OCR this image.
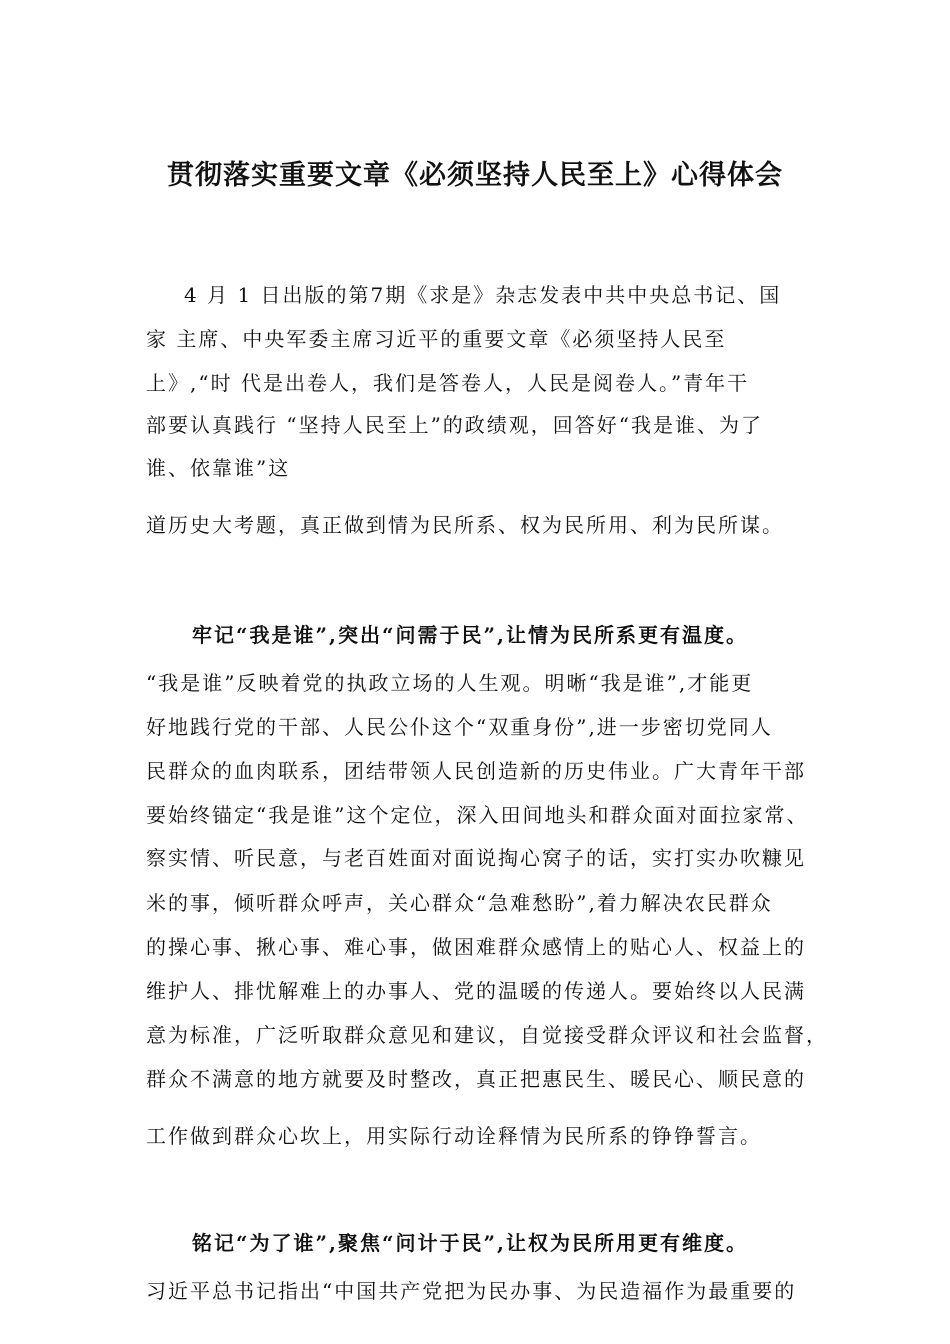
贯彻落实重要文章《必须坚持人民至上》心得体会
4 月 1 日出版的第7期《求是》杂志发表中共中央总书记、国
家 主席、中央军委主席习近平的重要文章《必须坚持人民至
上》,“时 代是出卷人，我们是答卷人，人民是阅卷人。”青年干
部要认真践行 “坚持人民至上”的政绩观，回答好“我是谁、为了
谁、依靠谁”这
道历史大考题，真正做到情为民所系、权为民所用、利为民所谋。
牢记“我是谁”,突出“问需于民”,让情为民所系更有温度。
“我是谁”反映着党的执政立场的人生观。明晰“我是谁”,才能更
好地践行党的干部、人民公仆这个“双重身份”,进一步密切党同人
民群众的血肉联系，团结带领人民创造新的历史伟业。广大青年干部
要始终锚定“我是谁”这个定位，深入田间地头和群众面对面拉家常、
察实情、听民意，与老百姓面对面说掏心窝子的话，实打实办吹糠见
米的事，倾听群众呼声，关心群众“急难愁盼”,着力解决农民群众
的操心事、揪心事、难心事，做困难群众感情上的贴心人、权益上的
维护人、排忧解难上的办事人、党的温暖的传递人。要始终以人民满
意为标准，广泛听取群众意见和建议，自觉接受群众评议和社会监督，
群众不满意的地方就要及时整改，真正把惠民生、暖民心、顺民意的
工作做到群众心坎上，用实际行动诠释情为民所系的铮铮誓言。
铭记“为了谁”,聚焦“问计于民”,让权为民所用更有维度。
习近平总书记指出“中国共产党把为民办事、为民造福作为最重要的
